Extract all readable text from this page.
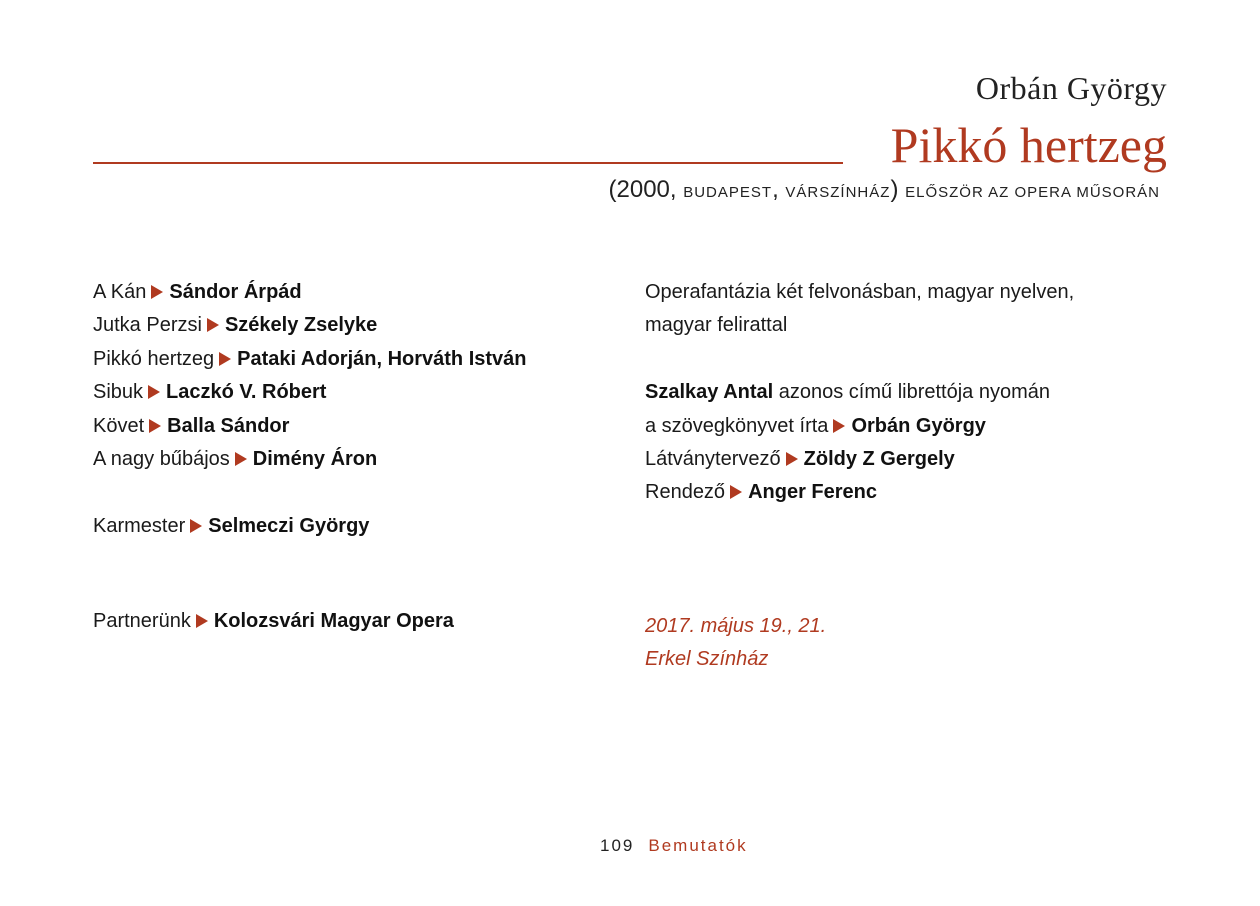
Orbán György
Pikkó hertzeg
(2000, BUDAPEST, VÁRSZÍNHÁZ) ELŐSZÖR AZ OPERA MŰSORÁN
A Kán Sándor Árpád
Jutka Perzsi Székely Zselyke
Pikkó hertzeg Pataki Adorján, Horváth István
Sibuk Laczkó V. Róbert
Követ Balla Sándor
A nagy bűbájos Dimény Áron
Karmester Selmeczi György
Operafantázia két felvonásban, magyar nyelven,
magyar felirattal
Szalkay Antal azonos című librettója nyomán
a szövegkönyvet írta Orbán György
Látványtervező Zöldy Z Gergely
Rendező Anger Ferenc
Partnerünk Kolozsvári Magyar Opera	2017. május 19., 21.
Erkel Színház
109 Bemutatók
